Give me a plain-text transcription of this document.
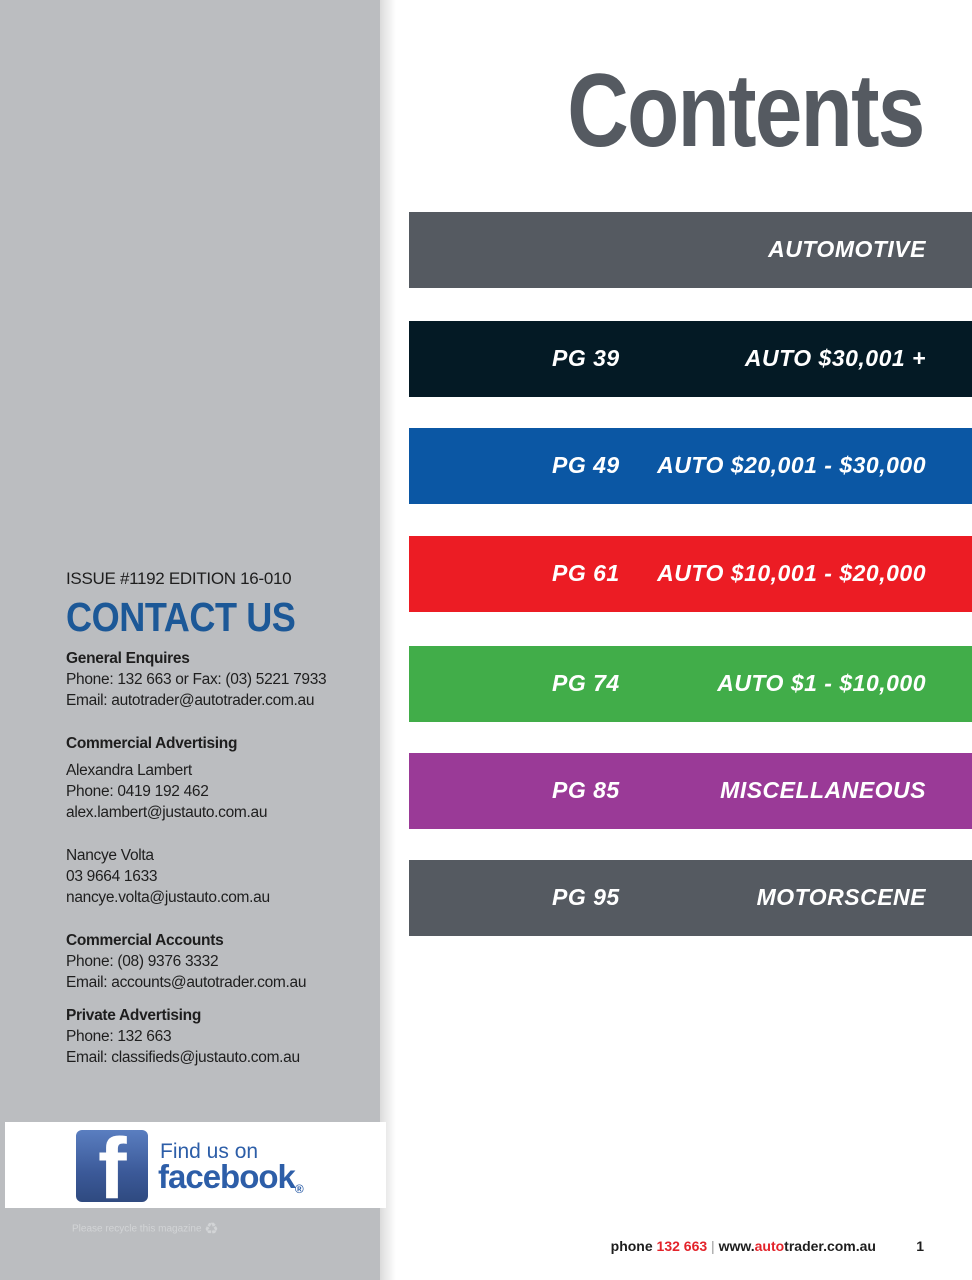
ISSUE #1192 EDITION 16-010

CONTACT US
General Enquires
Phone: 132 663 or Fax: (03) 5221 7933
Email: autotrader@autotrader.com.au
Commercial Advertising
Alexandra Lambert
Phone: 0419 192 462
alex.lambert@justauto.com.au
Nancye Volta
03 9664 1633
nancye.volta@justauto.com.au
Commercial Accounts
Phone: (08) 9376 3332
Email: accounts@autotrader.com.au
Private Advertising
Phone: 132 663
Email: classifieds@justauto.com.au
f Find us on
facebook®
Please recycle this magazine ♻
Contents
AUTOMOTIVE
PG 39	AUTO $30,001 +
PG 49 AUTO $20,001 - $30,000
PG 61 AUTO $10,001 - $20,000
PG 74	AUTO $1 - $10,000
PG 85	MISCELLANEOUS
PG 95	MOTORSCENE
phone 132 663 | www.autotrader.com.au	1
